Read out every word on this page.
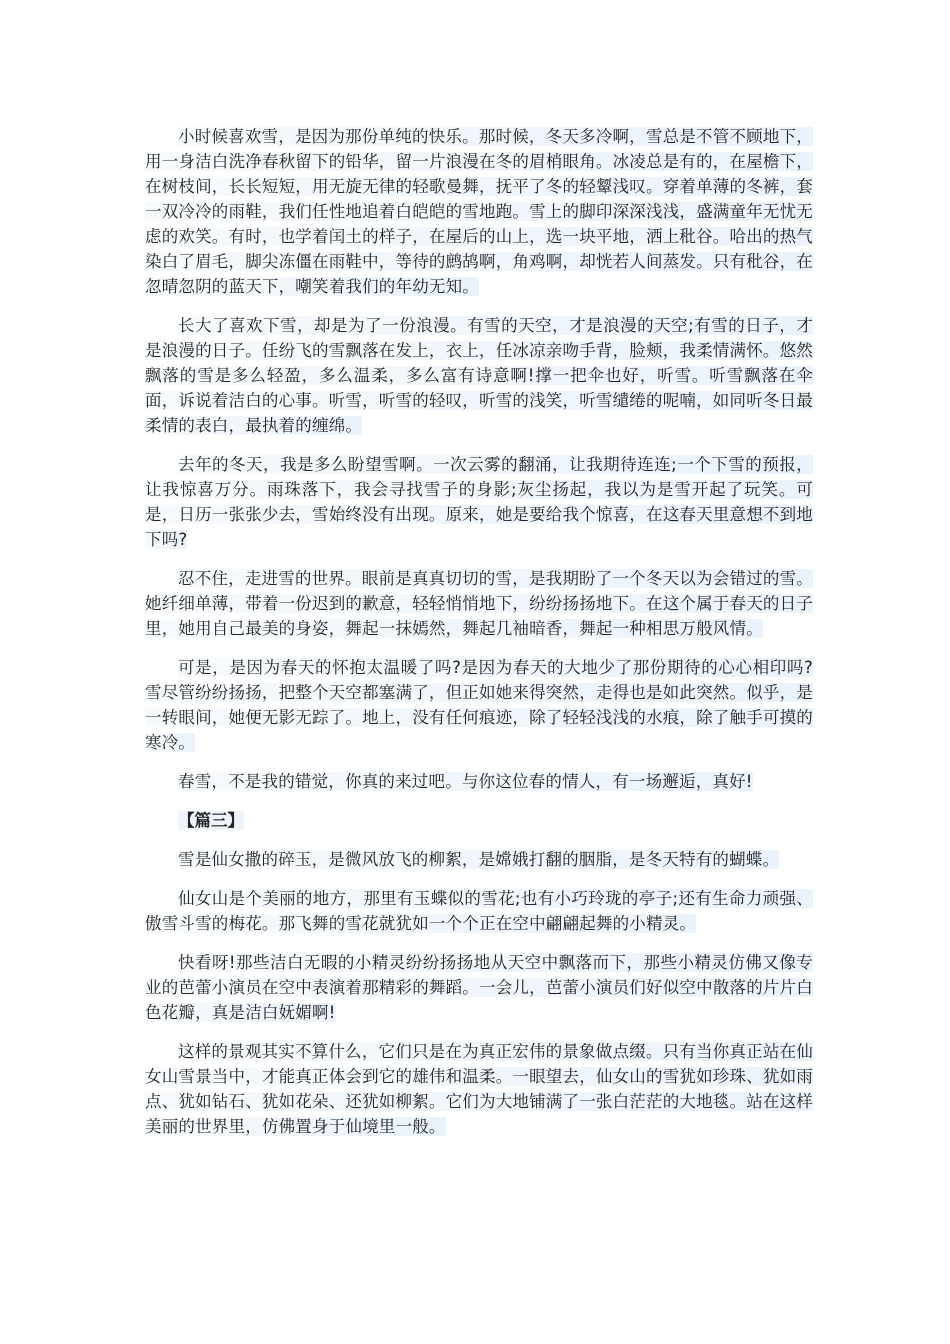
小时候喜欢雪，是因为那份单纯的快乐。那时候，冬天多冷啊，雪总是不管不顾地下，用一身洁白洗净春秋留下的铅华，留一片浪漫在冬的眉梢眼角。冰凌总是有的，在屋檐下，在树枝间，长长短短，用无旋无律的轻歌曼舞，抚平了冬的轻颦浅叹。穿着单薄的冬裤，套一双冷冷的雨鞋，我们任性地追着白皑皑的雪地跑。雪上的脚印深深浅浅，盛满童年无忧无虑的欢笑。有时，也学着闰土的样子，在屋后的山上，选一块平地，洒上秕谷。哈出的热气染白了眉毛，脚尖冻僵在雨鞋中，等待的鹧鸪啊，角鸡啊，却恍若人间蒸发。只有秕谷，在忽晴忽阴的蓝天下，嘲笑着我们的年幼无知。

长大了喜欢下雪，却是为了一份浪漫。有雪的天空，才是浪漫的天空;有雪的日子，才是浪漫的日子。任纷飞的雪飘落在发上，衣上，任冰凉亲吻手背，脸颊，我柔情满怀。悠然飘落的雪是多么轻盈，多么温柔，多么富有诗意啊!撑一把伞也好，听雪。听雪飘落在伞面，诉说着洁白的心事。听雪，听雪的轻叹，听雪的浅笑，听雪缱绻的呢喃，如同听冬日最柔情的表白，最执着的缠绵。

去年的冬天，我是多么盼望雪啊。一次云雾的翻涌，让我期待连连;一个下雪的预报，让我惊喜万分。雨珠落下，我会寻找雪子的身影;灰尘扬起，我以为是雪开起了玩笑。可是，日历一张张少去，雪始终没有出现。原来，她是要给我个惊喜，在这春天里意想不到地下吗?

忍不住，走进雪的世界。眼前是真真切切的雪，是我期盼了一个冬天以为会错过的雪。她纤细单薄，带着一份迟到的歉意，轻轻悄悄地下，纷纷扬扬地下。在这个属于春天的日子里，她用自己最美的身姿，舞起一抹嫣然，舞起几袖暗香，舞起一种相思万般风情。

可是，是因为春天的怀抱太温暖了吗?是因为春天的大地少了那份期待的心心相印吗?雪尽管纷纷扬扬，把整个天空都塞满了，但正如她来得突然，走得也是如此突然。似乎，是一转眼间，她便无影无踪了。地上，没有任何痕迹，除了轻轻浅浅的水痕，除了触手可摸的寒冷。

春雪，不是我的错觉，你真的来过吧。与你这位春的情人，有一场邂逅，真好!

【篇三】

雪是仙女撒的碎玉，是微风放飞的柳絮，是嫦娥打翻的胭脂，是冬天特有的蝴蝶。

仙女山是个美丽的地方，那里有玉蝶似的雪花;也有小巧玲珑的亭子;还有生命力顽强、傲雪斗雪的梅花。那飞舞的雪花就犹如一个个正在空中翩翩起舞的小精灵。

快看呀!那些洁白无暇的小精灵纷纷扬扬地从天空中飘落而下，那些小精灵仿佛又像专业的芭蕾小演员在空中表演着那精彩的舞蹈。一会儿，芭蕾小演员们好似空中散落的片片白色花瓣，真是洁白妩媚啊!

这样的景观其实不算什么，它们只是在为真正宏伟的景象做点缀。只有当你真正站在仙女山雪景当中，才能真正体会到它的雄伟和温柔。一眼望去，仙女山的雪犹如珍珠、犹如雨点、犹如钻石、犹如花朵、还犹如柳絮。它们为大地铺满了一张白茫茫的大地毯。站在这样美丽的世界里，仿佛置身于仙境里一般。
